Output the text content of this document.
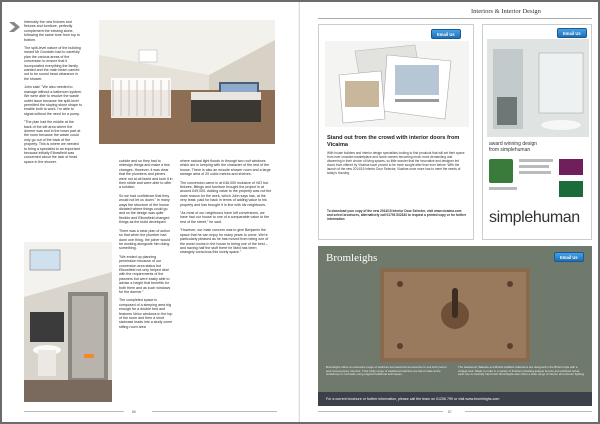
Internally the new fixtures and fixtures and furniture, perfectly complement the existing stone, following the same tone from top to bottom.

The split-level nature of the building meant Mr Goodwin had to carefully plan the various areas of the conversion to ensure that it incorporated everything the family wanted and the main beam carried out to be sound head clearance in the shower.

John said: "We also needed to manage without a bathroom system. We were able to resolve the waste outlet issue because the split-level permitted the sloping stone shape to enable both to work. I'm able to signal without the need for a pump.

"The plan had the middle at the back of the loft area where the dormer was and in the lower part at the room because the waste could only go out of the back of the property. This is where we needed to bring a specialist to an important because initially Elbowfield was concerned about the lack of head space in the shower.	cubicle and so they had to redesign things and make a few changes. However, it was clear that the plumbers and joiners were not at all fazed and took it in their stride and were able to offer a solution.

So we had confidence that they would not let us down." In many ways the structure of the house dictated where things could go and so the design was quite flexible and Elbowfield changed things as the build developed.

There was a clear plan of action so that when the plumber had done one thing, the joiner would be working alongside him doing something.

"We ended up planning permission because of our conversion area status but Elbowfield not only helped deal with the requirements of the planners but were easily able to advise a height that benefits for both them and as such windows for the dormer."

The completed space is composed of a sleeping area big enough for a double bed and features Velux windows in the top of the room and then a short staircase leads into a study come sitting room area

where natural light floods in through two roof windows which are in keeping with the character of the rest of the house. There is also an ensuite shower room and a large storage area of 20 cubic metres and shelves.

The conversion came in at £46,000 inclusive of VAT but fixtures, fittings and furniture brought the project in at around £49,000. Adding value to the property was not the main reason for the work, which John says has, at the very least, paid for back in terms of adding value to his property and has brought it in line with his neighbours.

"As most of our neighbours have loft conversions, we have had our house to one of a comparable value to the rest of the street," he said.

"However, our main concern was to give Benjamin the space that he can enjoy for many years to come. We're particularly pleased as he has moved from being one of the worst rooms in the house to being one of the best – and having half the stuff there he liked has been strangely conscious this lovely space."

86
Interiors & Interior Design
Email Us
Stand out from the crowd with interior doors from Vicaima
With house builders and interior design specialists looking to find products that will set their space from ever crowded marketplace and home owners becoming much more demanding and discerning in their choice of living spaces, so little wonder that the innovative and designer led doors from offered by Vicaima have proved to be more sought after than ever before. With the launch of the new 2014/15 Interior Door Selector, Vicaima once more has to meet the needs of today's housing.
To download your copy of the new 2014/15 Interior Door Selector, visit www.vicaima.com and select brochures, alternatively call 01793 532333 to request a printed copy or for further information
Email Us
award winning design
from simplehuman
simplehuman
Bromleighs	Email Us
Bromleighs offers an extensive range of switches and electrical accessories to suit both period and contemporary interiors. Their Dolly range of traditional switches are hand made at the workshops in Cornwall, using original traditional techniques.
The Hardwood, Bakelite and Bristol bellfield collections are designed in the British style with a vintage look. Made to order in a variety of finishes including antique bronze and polished nickel, each one is carefully hand built. Bromleighs also offers a wide range of interior and exterior lighting.
For a current brochure or further information, please call the team on 01206 799 or visit www.bromleighs.com
87
